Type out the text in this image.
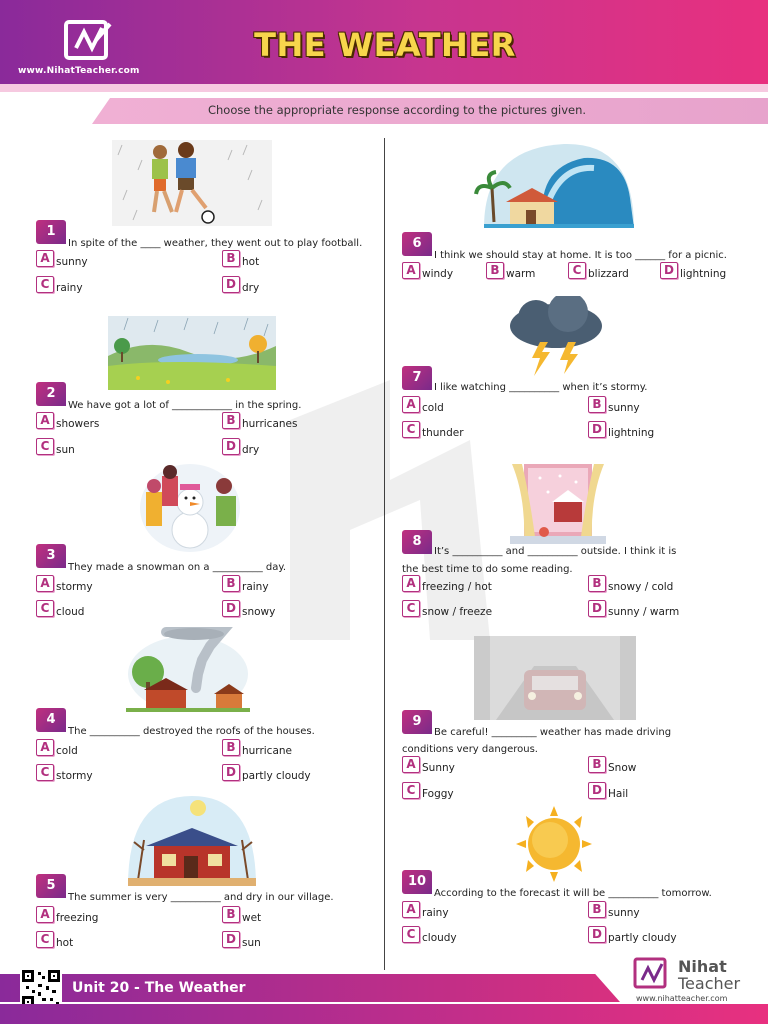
www.NihatTeacher.com
THE WEATHER
Choose the appropriate response according to the pictures given.
1
In spite of the ____ weather, they went out to play football.
A sunny	B hot
C rainy	D dry
2
We have got a lot of ____________ in the spring.
A showers	B hurricanes
C sun	D dry
3
They made a snowman on a __________ day.
A stormy	B rainy
C cloud	D snowy
4
The __________ destroyed the roofs of the houses.
A cold	B hurricane
C stormy	D partly cloudy
5
The summer is very __________ and dry in our village.
A freezing	B wet
C hot	D sun
6
I think we should stay at home. It is too ______ for a picnic.
A windy	B warm	C blizzard	D lightning
7
I like watching __________ when it’s stormy.
A cold	B sunny
C thunder	D lightning
8
It’s __________ and __________ outside. I think it is
the best time to do some reading.
A freezing / hot	B snowy / cold
C snow / freeze	D sunny / warm
9
Be careful! _________ weather has made driving
conditions very dangerous.
A Sunny	B Snow
C Foggy	D Hail
10
According to the forecast it will be __________ tomorrow.
A rainy	B sunny
C cloudy	D partly cloudy
Unit 20 - The Weather
Nihat
Teacher
www.nihatteacher.com
